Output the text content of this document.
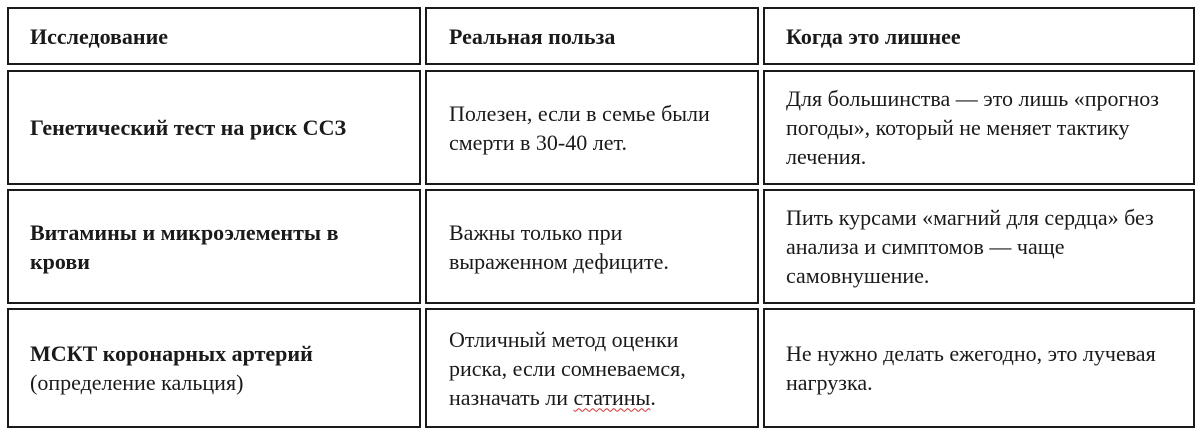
Исследование	Реальная польза	Когда это лишнее
Генетический тест на риск ССЗ
Полезен, если в семье были смерти в 30-40 лет.
Для большинства — это лишь «прогноз погоды», который не меняет тактику лечения.
Витамины и микроэлементы в крови
Важны только при выраженном дефиците.
Пить курсами «магний для сердца» без анализа и симптомов — чаще самовнушение.
МСКТ коронарных артерий
(определение кальция)
Отличный метод оценки риска, если сомневаемся, назначать ли статины.
Не нужно делать ежегодно, это лучевая нагрузка.
